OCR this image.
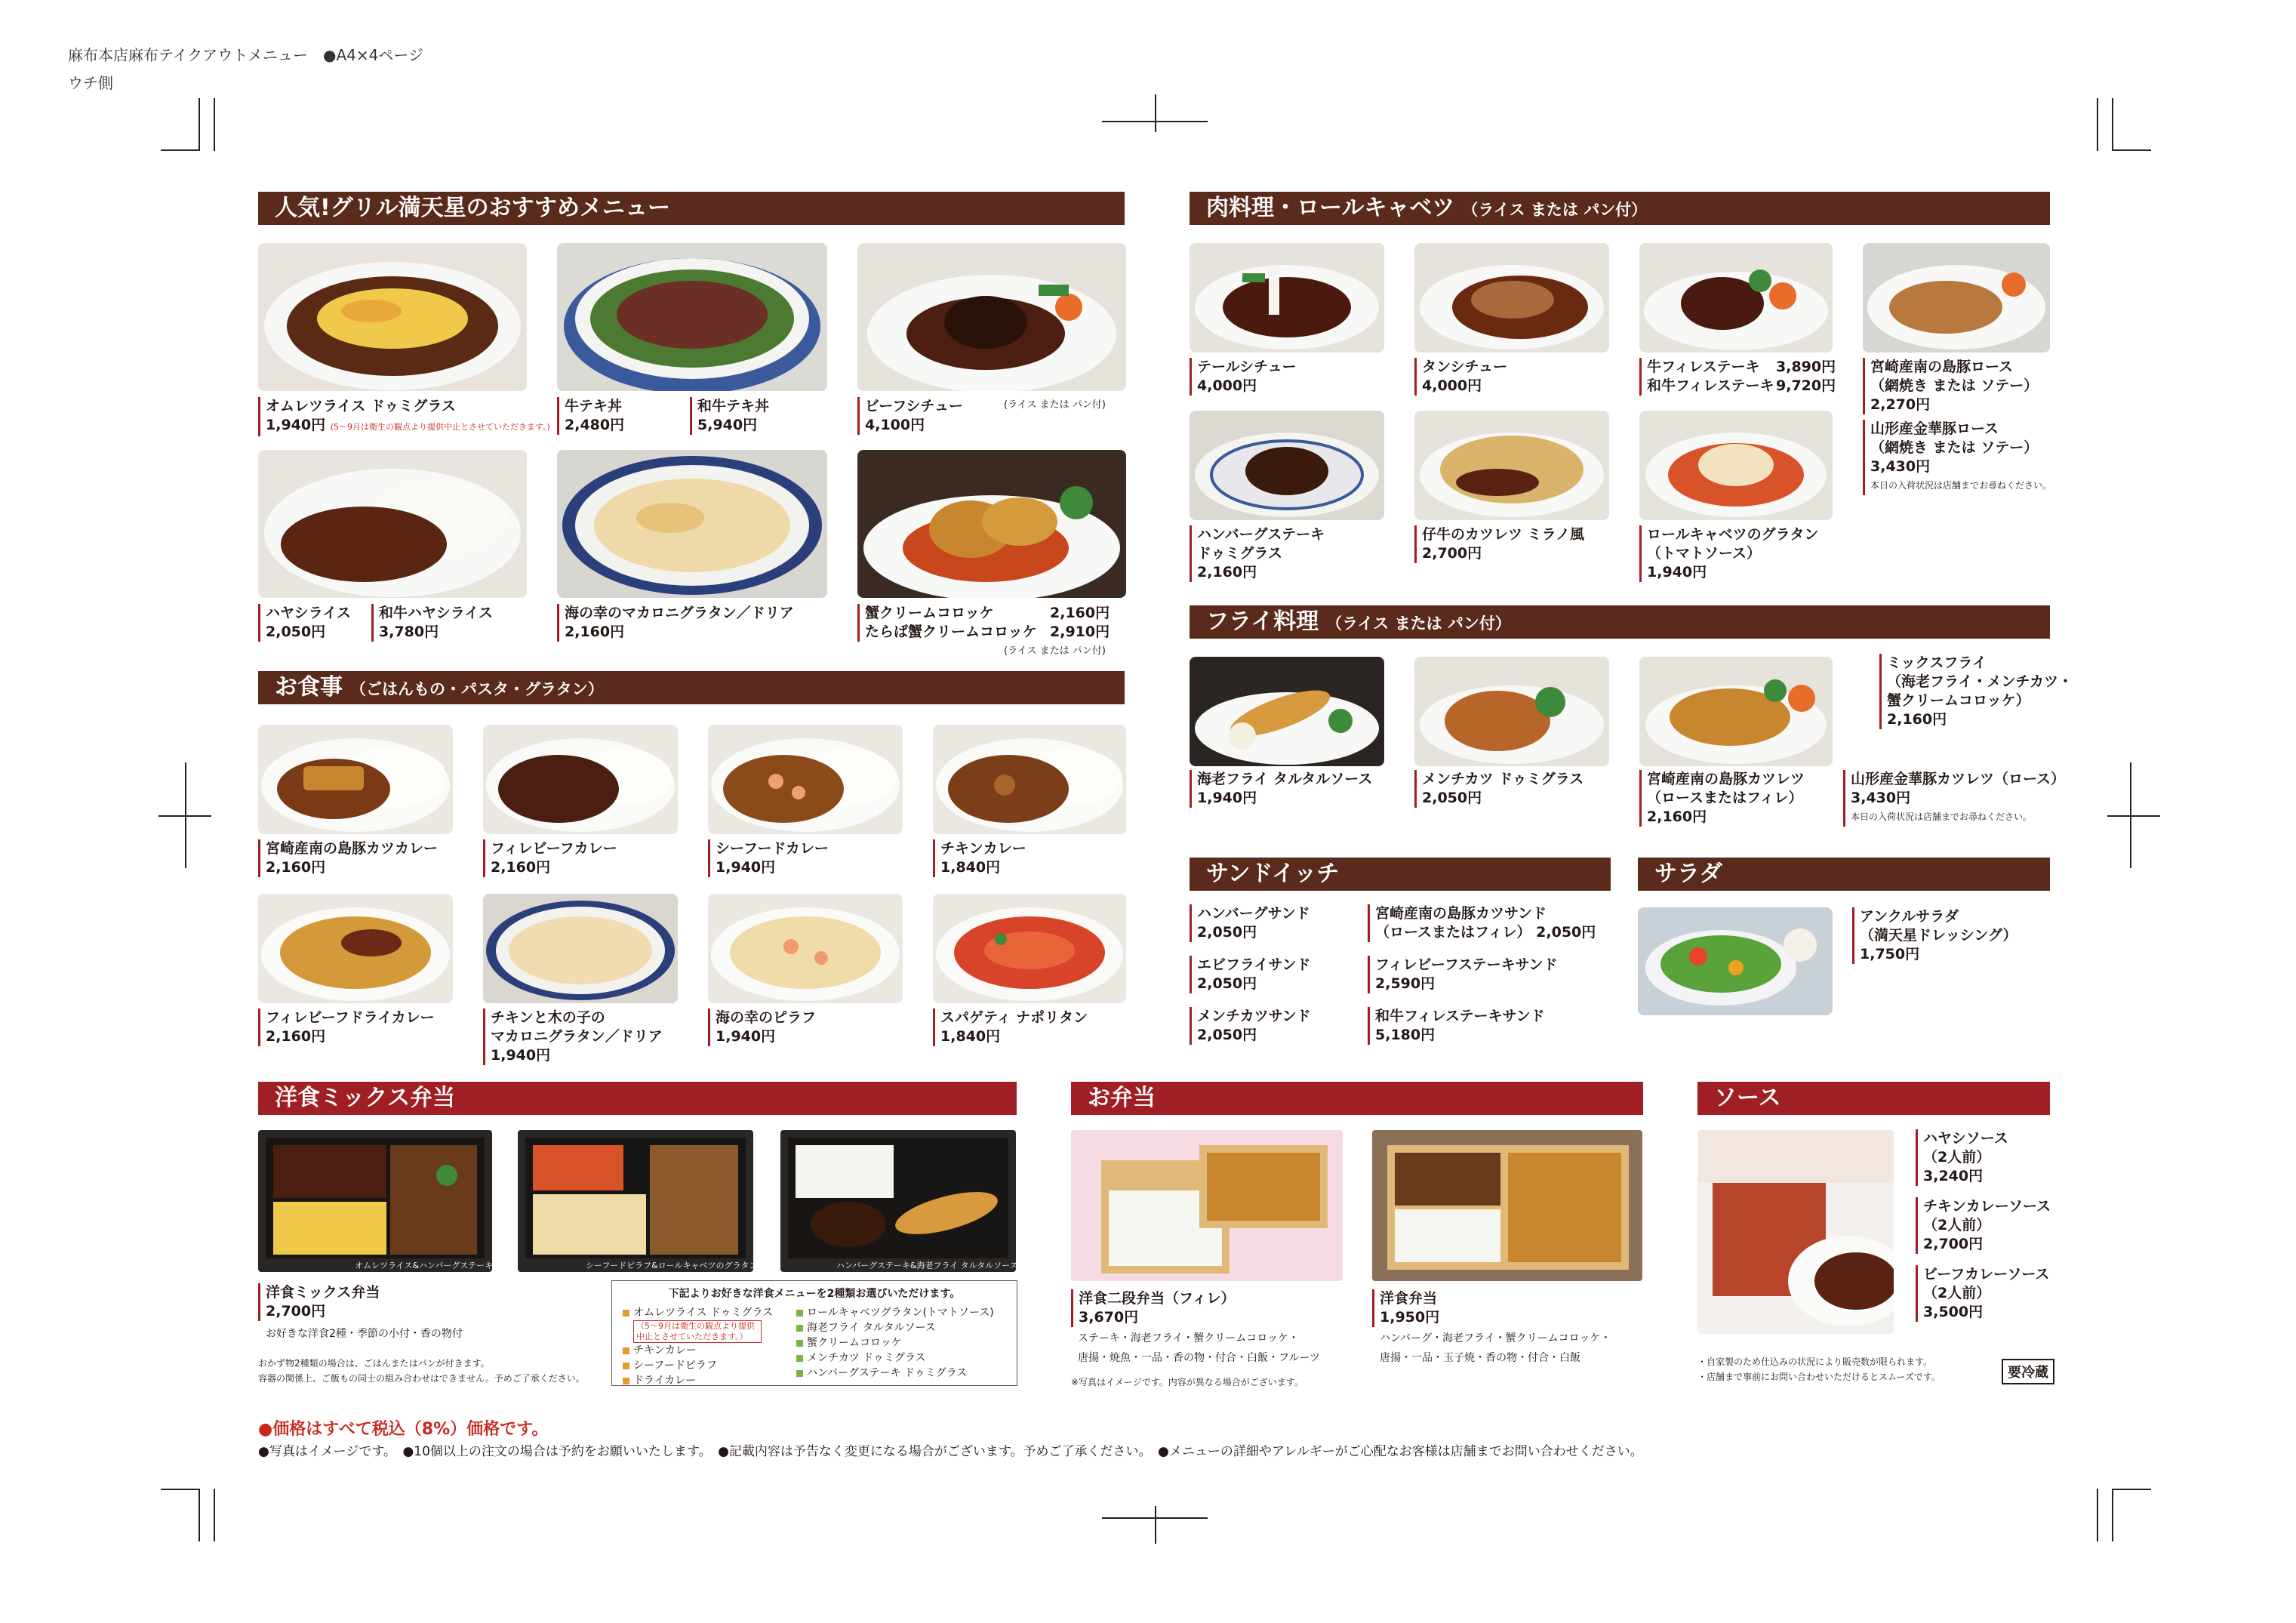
麻布本店麻布テイクアウトメニュー　●A4×4ページ
ウチ側
人気!グリル満天星のおすすめメニュー
お食事 （ごはんもの・パスタ・グラタン）
肉料理・ロールキャベツ （ライス または パン付）
フライ料理 （ライス または パン付）
サンドイッチ	サラダ
洋食ミックス弁当	お弁当	ソース
オムレツライス&ハンバーグステーキ	シーフードピラフ&ロールキャベツのグラタン	ハンバーグステーキ&海老フライ タルタルソース
オムレツライス ドゥミグラス
1,940円 (5～9月は衛生の観点より提供中止とさせていただきます。)
牛テキ丼
2,480円
和牛テキ丼
5,940円
ビーフシチュー
4,100円
(ライス または パン付)
ハヤシライス
2,050円
和牛ハヤシライス
3,780円
海の幸のマカロニグラタン／ドリア
2,160円
蟹クリームコロッケ	2,160円
たらば蟹クリームコロッケ 2,910円
(ライス または パン付)
宮崎産南の島豚カツカレー
2,160円
フィレビーフカレー
2,160円
シーフードカレー
1,940円
チキンカレー
1,840円
フィレビーフドライカレー
2,160円
チキンと木の子の
マカロニグラタン／ドリア
1,940円
海の幸のピラフ
1,940円
スパゲティ ナポリタン
1,840円
テールシチュー
4,000円
タンシチュー
4,000円
牛フィレステーキ 3,890円
和牛フィレステーキ 9,720円
宮崎産南の島豚ロース
（網焼き または ソテー）
2,270円
ハンバーグステーキ
ドゥミグラス
2,160円
仔牛のカツレツ ミラノ風
2,700円
ロールキャベツのグラタン
（トマトソース）
1,940円
山形産金華豚ロース
（網焼き または ソテー）
3,430円
本日の入荷状況は店舗までお尋ねください。
海老フライ タルタルソース
1,940円
メンチカツ ドゥミグラス
2,050円
宮崎産南の島豚カツレツ
（ロースまたはフィレ）
2,160円
ミックスフライ
（海老フライ・メンチカツ・
蟹クリームコロッケ）
2,160円
山形産金華豚カツレツ（ロース）
3,430円
本日の入荷状況は店舗までお尋ねください。
ハンバーグサンド
2,050円
宮崎産南の島豚カツサンド
（ロースまたはフィレ） 2,050円
エビフライサンド
2,050円
フィレビーフステーキサンド
2,590円
メンチカツサンド
2,050円
和牛フィレステーキサンド
5,180円
アンクルサラダ
（満天星ドレッシング）
1,750円
洋食ミックス弁当
2,700円
お好きな洋食2種・季節の小付・香の物付
おかず物2種類の場合は、ごはんまたはパンが付きます。
容器の関係上、ご飯もの同士の組み合わせはできません。予めご了承ください。
下記よりお好きな洋食メニューを2種類お選びいただけます。
オムレツライス ドゥミグラス
（5～9月は衛生の観点より提供中止とさせていただきます。）
チキンカレー
シーフードピラフ
ドライカレー
ロールキャベツグラタン(トマトソース)
海老フライ タルタルソース
蟹クリームコロッケ
メンチカツ ドゥミグラス
ハンバーグステーキ ドゥミグラス
洋食二段弁当（フィレ）
3,670円
ステーキ・海老フライ・蟹クリームコロッケ・
唐揚・焼魚・一品・香の物・付合・白飯・フルーツ
洋食弁当
1,950円
ハンバーグ・海老フライ・蟹クリームコロッケ・
唐揚・一品・玉子焼・香の物・付合・白飯
※写真はイメージです。内容が異なる場合がございます。
ハヤシソース
（2人前）
3,240円
チキンカレーソース
（2人前）
2,700円
ビーフカレーソース
（2人前）
3,500円
・自家製のため仕込みの状況により販売数が限られます。
・店舗まで事前にお問い合わせいただけるとスムーズです。	要冷蔵
●価格はすべて税込（8%）価格です。
●写真はイメージです。　●10個以上の注文の場合は予約をお願いいたします。　●記載内容は予告なく変更になる場合がございます。予めご了承ください。　●メニューの詳細やアレルギーがご心配なお客様は店舗までお問い合わせください。
